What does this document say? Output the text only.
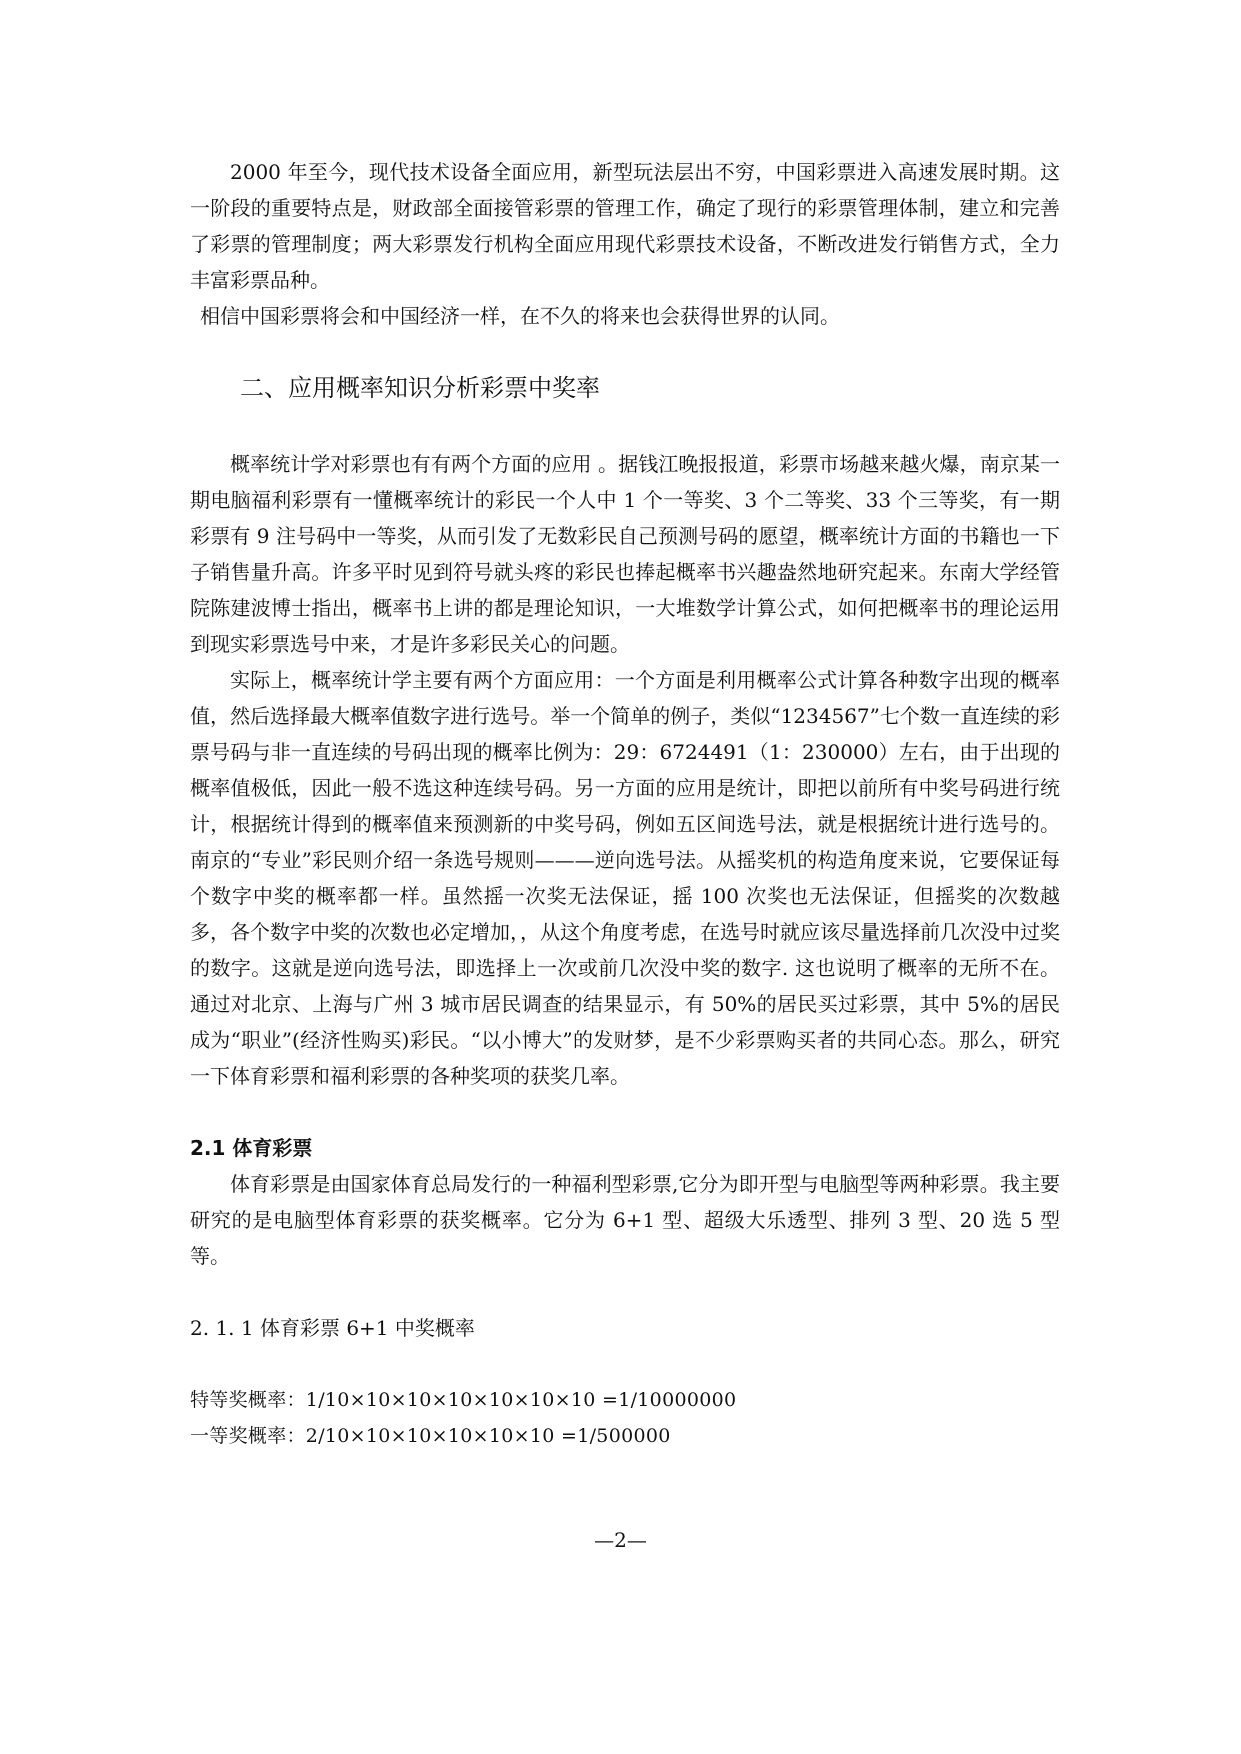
2000 年至今，现代技术设备全面应用，新型玩法层出不穷，中国彩票进入高速发展时期。这一阶段的重要特点是，财政部全面接管彩票的管理工作，确定了现行的彩票管理体制，建立和完善了彩票的管理制度；两大彩票发行机构全面应用现代彩票技术设备，不断改进发行销售方式，全力丰富彩票品种。

相信中国彩票将会和中国经济一样，在不久的将来也会获得世界的认同。

二、应用概率知识分析彩票中奖率

概率统计学对彩票也有有两个方面的应用 。据钱江晚报报道，彩票市场越来越火爆，南京某一期电脑福利彩票有一懂概率统计的彩民一个人中 1 个一等奖、3 个二等奖、33 个三等奖，有一期彩票有 9 注号码中一等奖，从而引发了无数彩民自己预测号码的愿望，概率统计方面的书籍也一下子销售量升高。许多平时见到符号就头疼的彩民也捧起概率书兴趣盎然地研究起来。东南大学经管院陈建波博士指出，概率书上讲的都是理论知识，一大堆数学计算公式，如何把概率书的理论运用到现实彩票选号中来，才是许多彩民关心的问题。

实际上，概率统计学主要有两个方面应用：一个方面是利用概率公式计算各种数字出现的概率值，然后选择最大概率值数字进行选号。举一个简单的例子，类似“1234567”七个数一直连续的彩票号码与非一直连续的号码出现的概率比例为：29：6724491（1：230000）左右，由于出现的概率值极低，因此一般不选这种连续号码。另一方面的应用是统计，即把以前所有中奖号码进行统计，根据统计得到的概率值来预测新的中奖号码，例如五区间选号法，就是根据统计进行选号的。南京的“专业”彩民则介绍一条选号规则———逆向选号法。从摇奖机的构造角度来说，它要保证每个数字中奖的概率都一样。虽然摇一次奖无法保证，摇 100 次奖也无法保证，但摇奖的次数越多，各个数字中奖的次数也必定增加，，从这个角度考虑，在选号时就应该尽量选择前几次没中过奖的数字。这就是逆向选号法，即选择上一次或前几次没中奖的数字. 这也说明了概率的无所不在。通过对北京、上海与广州 3 城市居民调查的结果显示，有 50%的居民买过彩票，其中 5%的居民成为“职业”(经济性购买)彩民。“以小博大”的发财梦，是不少彩票购买者的共同心态。那么，研究一下体育彩票和福利彩票的各种奖项的获奖几率。

2.1 体育彩票

体育彩票是由国家体育总局发行的一种福利型彩票,它分为即开型与电脑型等两种彩票。我主要研究的是电脑型体育彩票的获奖概率。它分为 6+1 型、超级大乐透型、排列 3 型、20 选 5 型等。

2. 1. 1 体育彩票 6+1 中奖概率
特等奖概率：1/10×10×10×10×10×10×10 =1/10000000
一等奖概率：2/10×10×10×10×10×10 =1/500000
—2—
